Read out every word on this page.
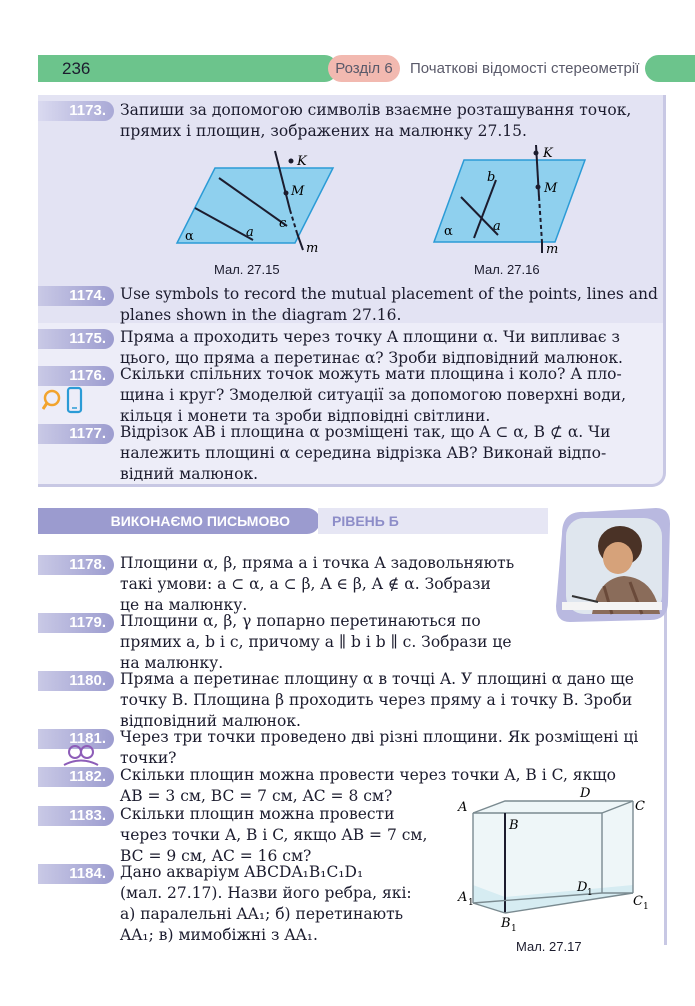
236	Розділ 6	Початкові відомості стереометрії
1173. Запиши за допомогою символів взаємне розташування точок,
прямих і площин, зображених на малюнку 27.15.
K
M
c
a
α
m
Мал. 27.15
K
M
b
a
α
m
Мал. 27.16
1174. Use symbols to record the mutual placement of the points, lines and
planes shown in the diagram 27.16.
1175. Пряма a проходить через точку A площини α. Чи випливає з
цього, що пряма a перетинає α? Зроби відповідний малюнок.
1176. Скільки спільних точок можуть мати площина і коло? А пло-
щина і круг? Змоделюй ситуації за допомогою поверхні води,
кільця і монети та зроби відповідні світлини.
1177. Відрізок AB і площина α розміщені так, що A ⊂ α, B ⊄ α. Чи
належить площині α середина відрізка AB? Виконай відпо-
відний малюнок.
ВИКОНАЄМО ПИСЬМОВО	РІВЕНЬ Б
1178. Площини α, β, пряма a і точка A задовольняють
такі умови: a ⊂ α, a ⊂ β, A ∈ β, A ∉ α. Зобрази
це на малюнку.
1179. Площини α, β, γ попарно перетинаються по
прямих a, b і c, причому a ∥ b і b ∥ c. Зобрази це
на малюнку.
1180. Пряма a перетинає площину α в точці A. У площині α дано ще
точку B. Площина β проходить через пряму a і точку B. Зроби
відповідний малюнок.
1181. Через три точки проведено дві різні площини. Як розміщені ці
точки?
1182. Скільки площин можна провести через точки A, B і C, якщо
AB = 3 см, BC = 7 см, AC = 8 см?
1183. Скільки площин можна провести
через точки A, B і C, якщо AB = 7 см,
BC = 9 см, AC = 16 см?
1184. Дано акваріум ABCDA₁B₁C₁D₁
(мал. 27.17). Назви його ребра, які:
а) паралельні AA₁; б) перетинають
AA₁; в) мимобіжні з AA₁.
A
D
C
B
A 1
D 1
C 1
B 1
Мал. 27.17
